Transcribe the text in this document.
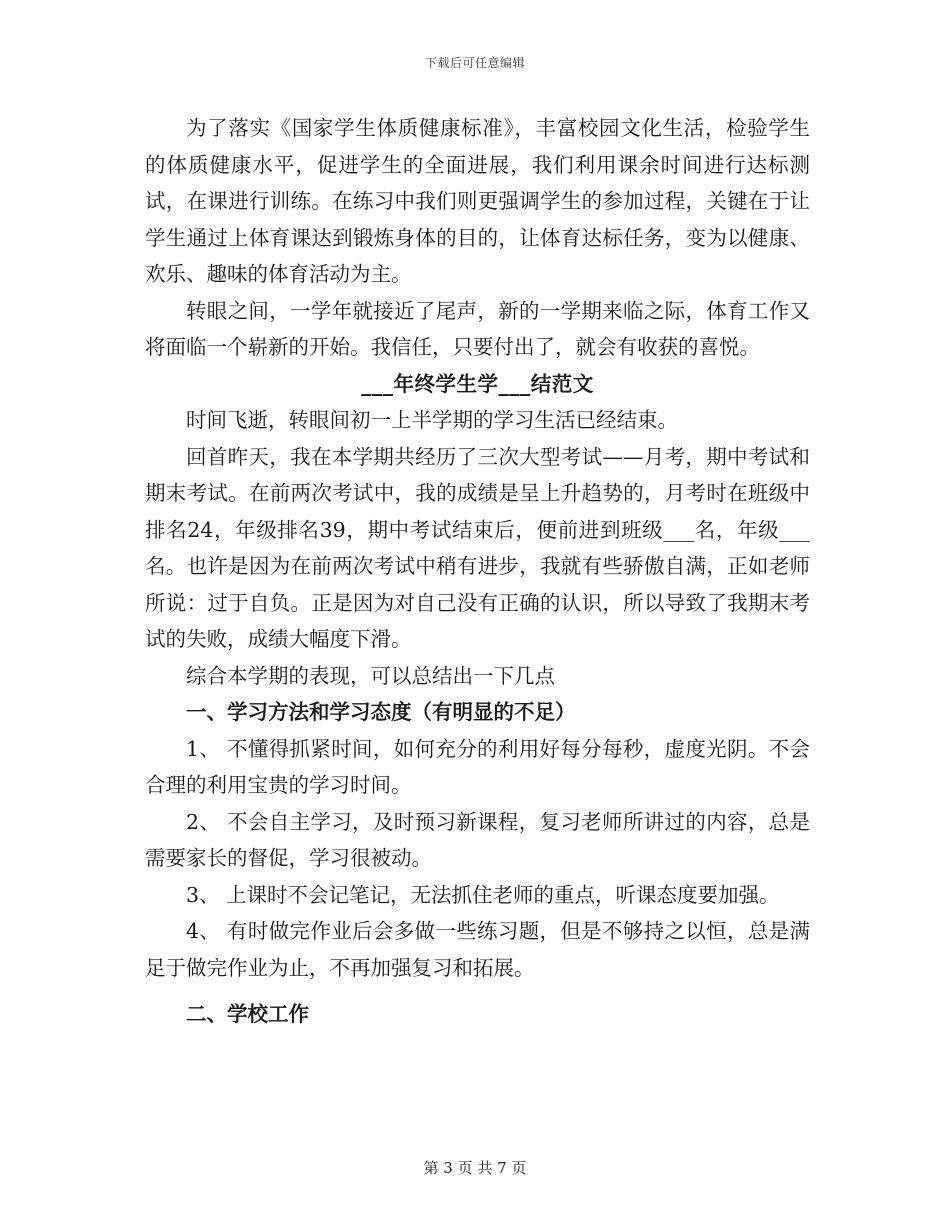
下载后可任意编辑

为了落实《国家学生体质健康标准》，丰富校园文化生活，检验学生的体质健康水平，促进学生的全面进展，我们利用课余时间进行达标测试，在课进行训练。在练习中我们则更强调学生的参加过程，关键在于让学生通过上体育课达到锻炼身体的目的，让体育达标任务，变为以健康、欢乐、趣味的体育活动为主。

转眼之间，一学年就接近了尾声，新的一学期来临之际，体育工作又将面临一个崭新的开始。我信任，只要付出了，就会有收获的喜悦。

___年终学生学___结范文

时间飞逝，转眼间初一上半学期的学习生活已经结束。

回首昨天，我在本学期共经历了三次大型考试——月考，期中考试和期末考试。在前两次考试中，我的成绩是呈上升趋势的，月考时在班级中排名24，年级排名39，期中考试结束后，便前进到班级___名，年级___名。也许是因为在前两次考试中稍有进步，我就有些骄傲自满，正如老师所说：过于自负。正是因为对自己没有正确的认识，所以导致了我期末考试的失败，成绩大幅度下滑。

综合本学期的表现，可以总结出一下几点

一、学习方法和学习态度（有明显的不足）

1、 不懂得抓紧时间，如何充分的利用好每分每秒，虚度光阴。不会合理的利用宝贵的学习时间。

2、 不会自主学习，及时预习新课程，复习老师所讲过的内容，总是需要家长的督促，学习很被动。

3、 上课时不会记笔记，无法抓住老师的重点，听课态度要加强。

4、 有时做完作业后会多做一些练习题，但是不够持之以恒，总是满足于做完作业为止，不再加强复习和拓展。

二、学校工作

第 3 页 共 7 页
